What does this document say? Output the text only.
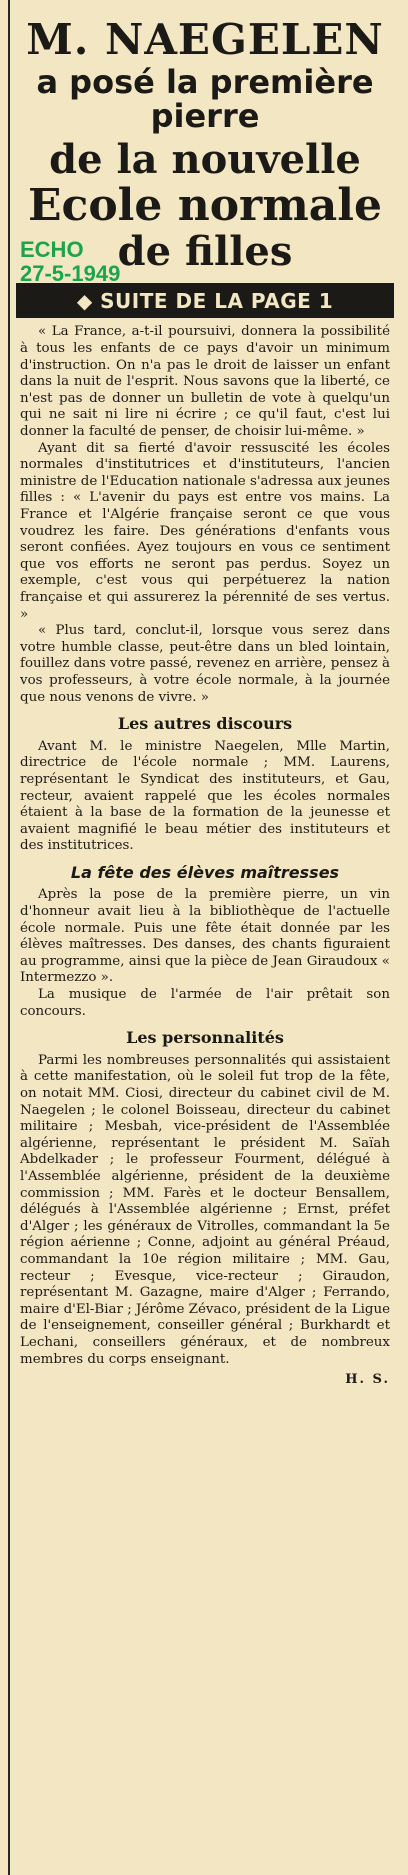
M. NAEGELEN
a posé la première pierre
de la nouvelle
Ecole normale
de filles
ECHO
27-5-1949
◆ SUITE DE LA PAGE 1

« La France, a-t-il poursuivi, donnera la possibilité à tous les enfants de ce pays d'avoir un minimum d'instruction. On n'a pas le droit de laisser un enfant dans la nuit de l'esprit. Nous savons que la liberté, ce n'est pas de donner un bulletin de vote à quelqu'un qui ne sait ni lire ni écrire ; ce qu'il faut, c'est lui donner la faculté de penser, de choisir lui-même. »

Ayant dit sa fierté d'avoir ressuscité les écoles normales d'institutrices et d'instituteurs, l'ancien ministre de l'Education nationale s'adressa aux jeunes filles : « L'avenir du pays est entre vos mains. La France et l'Algérie française seront ce que vous voudrez les faire. Des générations d'enfants vous seront confiées. Ayez toujours en vous ce sentiment que vos efforts ne seront pas perdus. Soyez un exemple, c'est vous qui perpétuerez la nation française et qui assurerez la pérennité de ses vertus. »

« Plus tard, conclut-il, lorsque vous serez dans votre humble classe, peut-être dans un bled lointain, fouillez dans votre passé, revenez en arrière, pensez à vos professeurs, à votre école normale, à la journée que nous venons de vivre. »

Les autres discours

Avant M. le ministre Naegelen, Mlle Martin, directrice de l'école normale ; MM. Laurens, représentant le Syndicat des instituteurs, et Gau, recteur, avaient rappelé que les écoles normales étaient à la base de la formation de la jeunesse et avaient magnifié le beau métier des instituteurs et des institutrices.

La fête des élèves maîtresses

Après la pose de la première pierre, un vin d'honneur avait lieu à la bibliothèque de l'actuelle école normale. Puis une fête était donnée par les élèves maîtresses. Des danses, des chants figuraient au programme, ainsi que la pièce de Jean Giraudoux « Intermezzo ».

La musique de l'armée de l'air prêtait son concours.

Les personnalités

Parmi les nombreuses personnalités qui assistaient à cette manifestation, où le soleil fut trop de la fête, on notait MM. Ciosi, directeur du cabinet civil de M. Naegelen ; le colonel Boisseau, directeur du cabinet militaire ; Mesbah, vice-président de l'Assemblée algérienne, représentant le président M. Saïah Abdelkader ; le professeur Fourment, délégué à l'Assemblée algérienne, président de la deuxième commission ; MM. Farès et le docteur Bensallem, délégués à l'Assemblée algérienne ; Ernst, préfet d'Alger ; les généraux de Vitrolles, commandant la 5e région aérienne ; Conne, adjoint au général Préaud, commandant la 10e région militaire ; MM. Gau, recteur ; Evesque, vice-recteur ; Giraudon, représentant M. Gazagne, maire d'Alger ; Ferrando, maire d'El-Biar ; Jérôme Zévaco, président de la Ligue de l'enseignement, conseiller général ; Burkhardt et Lechani, conseillers généraux, et de nombreux membres du corps enseignant.

H. S.
